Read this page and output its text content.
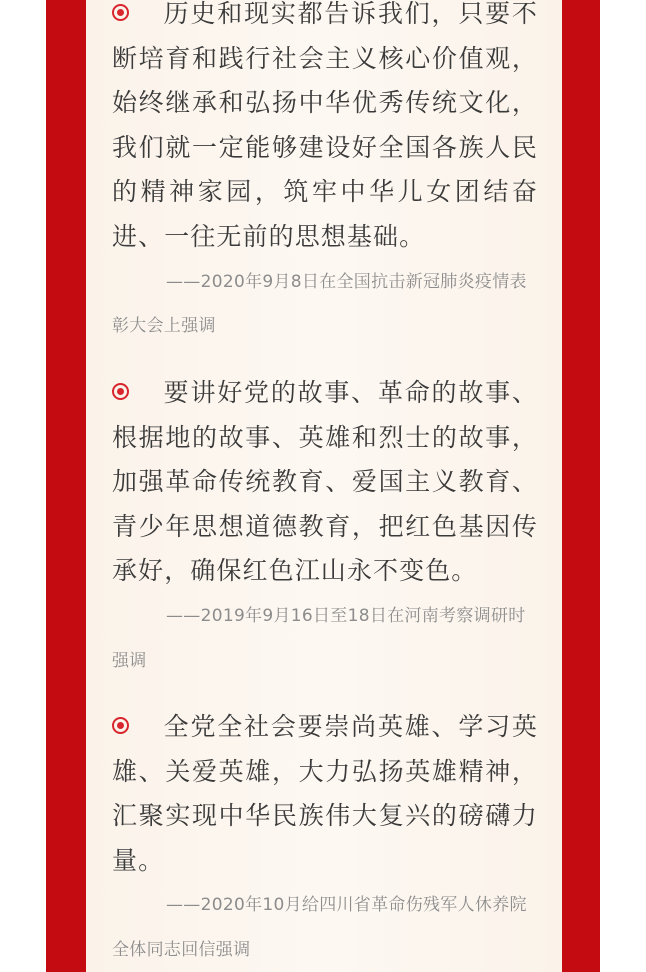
历史和现实都告诉我们，只要不断培育和践行社会主义核心价值观，始终继承和弘扬中华优秀传统文化，我们就一定能够建设好全国各族人民的精神家园，筑牢中华儿女团结奋进、一往无前的思想基础。

——2020年9月8日在全国抗击新冠肺炎疫情表彰大会上强调

要讲好党的故事、革命的故事、根据地的故事、英雄和烈士的故事，加强革命传统教育、爱国主义教育、青少年思想道德教育，把红色基因传承好，确保红色江山永不变色。

——2019年9月16日至18日在河南考察调研时强调

全党全社会要崇尚英雄、学习英雄、关爱英雄，大力弘扬英雄精神，汇聚实现中华民族伟大复兴的磅礴力量。

——2020年10月给四川省革命伤残军人休养院全体同志回信强调
